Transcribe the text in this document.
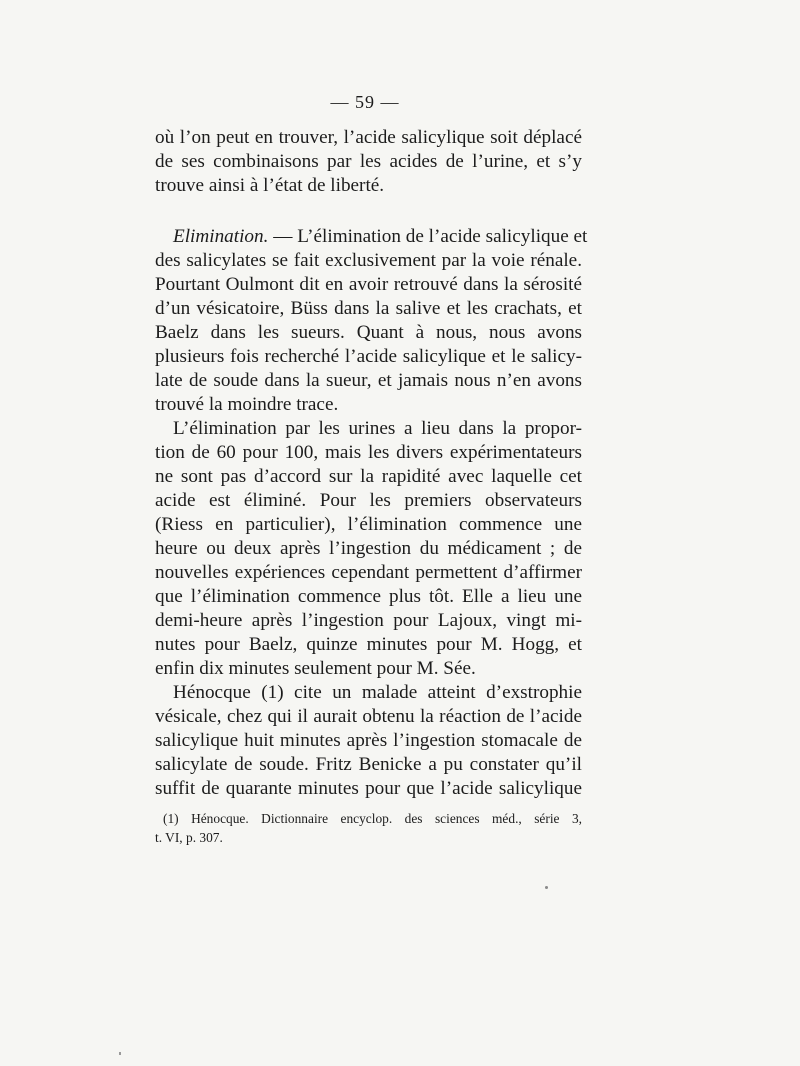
— 59 —
où l’on peut en trouver, l’acide salicylique soit déplacé
de ses combinaisons par les acides de l’urine, et s’y
trouve ainsi à l’état de liberté.
Elimination. — L’élimination de l’acide salicylique et
des salicylates se fait exclusivement par la voie rénale.
Pourtant Oulmont dit en avoir retrouvé dans la sérosité
d’un vésicatoire, Büss dans la salive et les crachats, et
Baelz dans les sueurs. Quant à nous, nous avons
plusieurs fois recherché l’acide salicylique et le salicy-
late de soude dans la sueur, et jamais nous n’en avons
trouvé la moindre trace.
L’élimination par les urines a lieu dans la propor-
tion de 60 pour 100, mais les divers expérimentateurs
ne sont pas d’accord sur la rapidité avec laquelle cet
acide est éliminé. Pour les premiers observateurs
(Riess en particulier), l’élimination commence une
heure ou deux après l’ingestion du médicament ; de
nouvelles expériences cependant permettent d’affirmer
que l’élimination commence plus tôt. Elle a lieu une
demi-heure après l’ingestion pour Lajoux, vingt mi-
nutes pour Baelz, quinze minutes pour M. Hogg, et
enfin dix minutes seulement pour M. Sée.
Hénocque (1) cite un malade atteint d’exstrophie
vésicale, chez qui il aurait obtenu la réaction de l’acide
salicylique huit minutes après l’ingestion stomacale de
salicylate de soude. Fritz Benicke a pu constater qu’il
suffit de quarante minutes pour que l’acide salicylique
(1) Hénocque. Dictionnaire encyclop. des sciences méd., série 3,
t. VI, p. 307.
